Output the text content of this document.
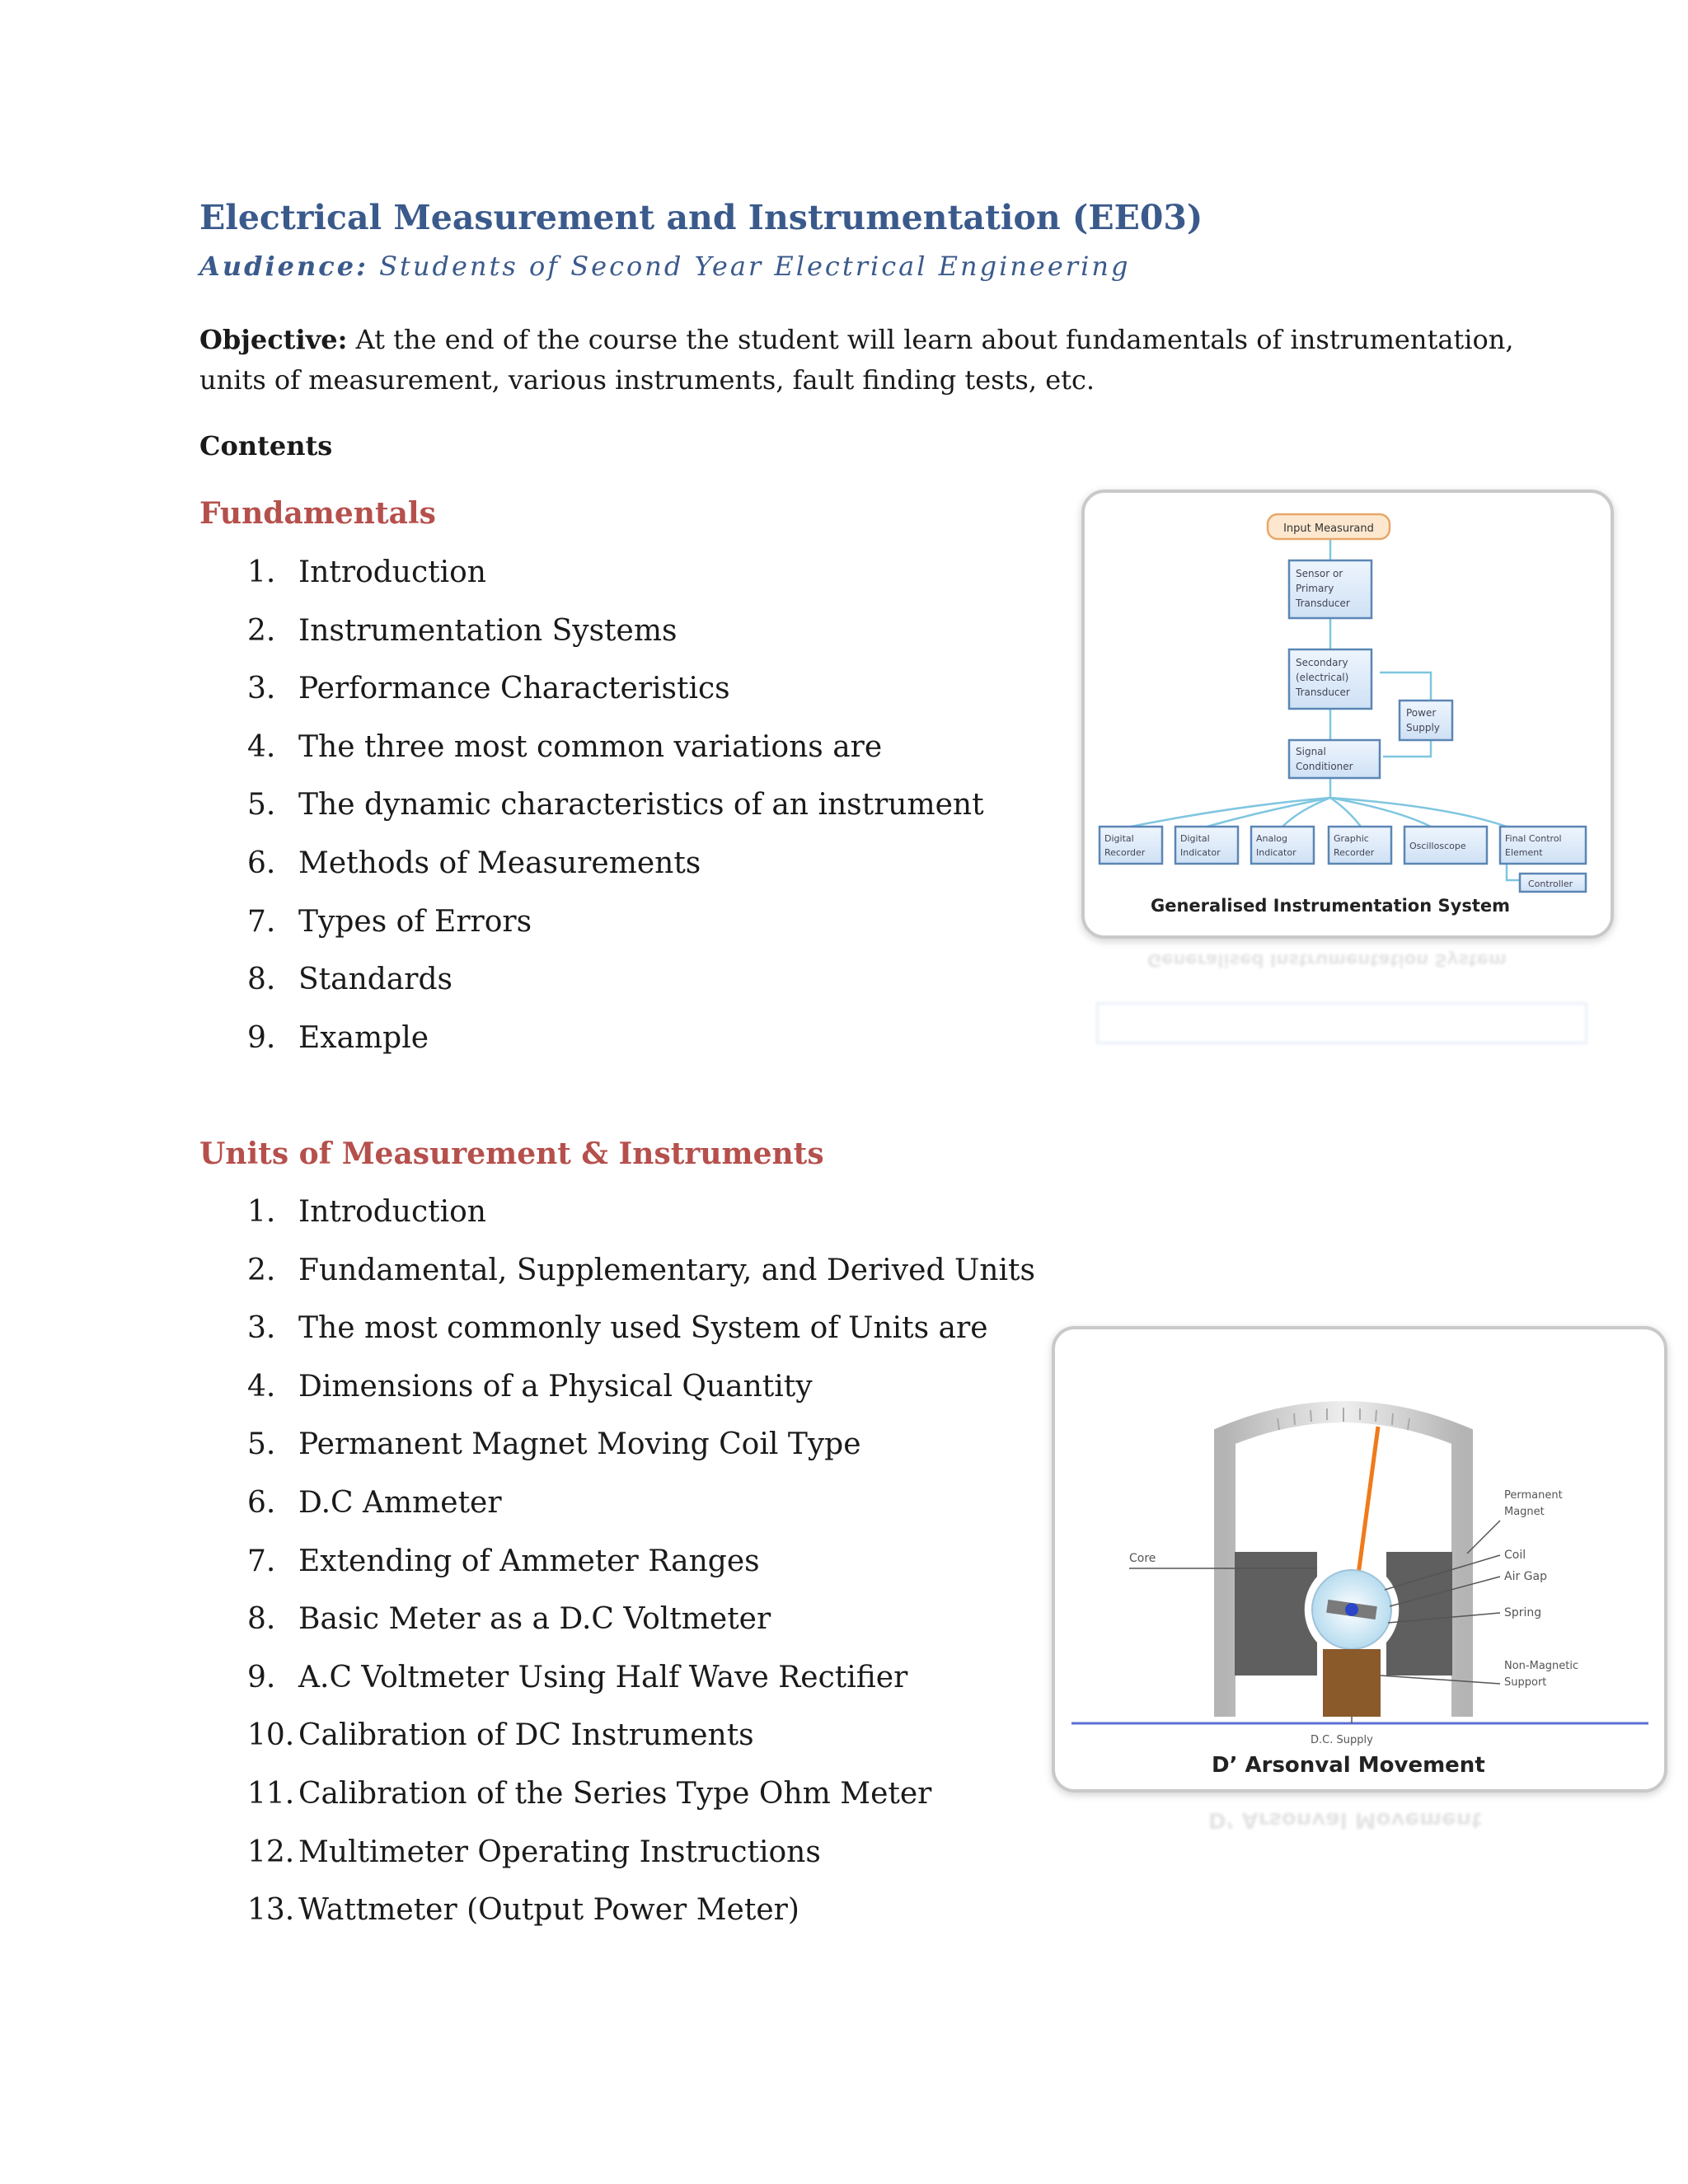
Electrical Measurement and Instrumentation (EE03)
Audience: Students of Second Year Electrical Engineering

Objective: At the end of the course the student will learn about fundamentals of instrumentation, units of measurement, various instruments, fault finding tests, etc.

Contents

Fundamentals
1. Introduction
2. Instrumentation Systems
3. Performance Characteristics
4. The three most common variations are
5. The dynamic characteristics of an instrument
6. Methods of Measurements
7. Types of Errors
8. Standards
9. Example
Units of Measurement & Instruments
1. Introduction
2. Fundamental, Supplementary, and Derived Units
3. The most commonly used System of Units are
4. Dimensions of a Physical Quantity
5. Permanent Magnet Moving Coil Type
6. D.C Ammeter
7. Extending of Ammeter Ranges
8. Basic Meter as a D.C Voltmeter
9. A.C Voltmeter Using Half Wave Rectifier
10. Calibration of DC Instruments
11. Calibration of the Series Type Ohm Meter
12. Multimeter Operating Instructions
13. Wattmeter (Output Power Meter)
Input Measurand
Sensor or
Primary
Transducer
Secondary
(electrical)
Transducer
Power
Supply
Signal
Conditioner
Digital
Recorder
Digital
Indicator
Analog
Indicator
Graphic
Recorder
Oscilloscope
Final Control
Element
Controller
Generalised Instrumentation System
Generalised Instrumentation System
Core
Permanent
Magnet
Coil
Air Gap
Spring
Non-Magnetic
Support
D.C. Supply
D’ Arsonval Movement
D’ Arsonval Movement
